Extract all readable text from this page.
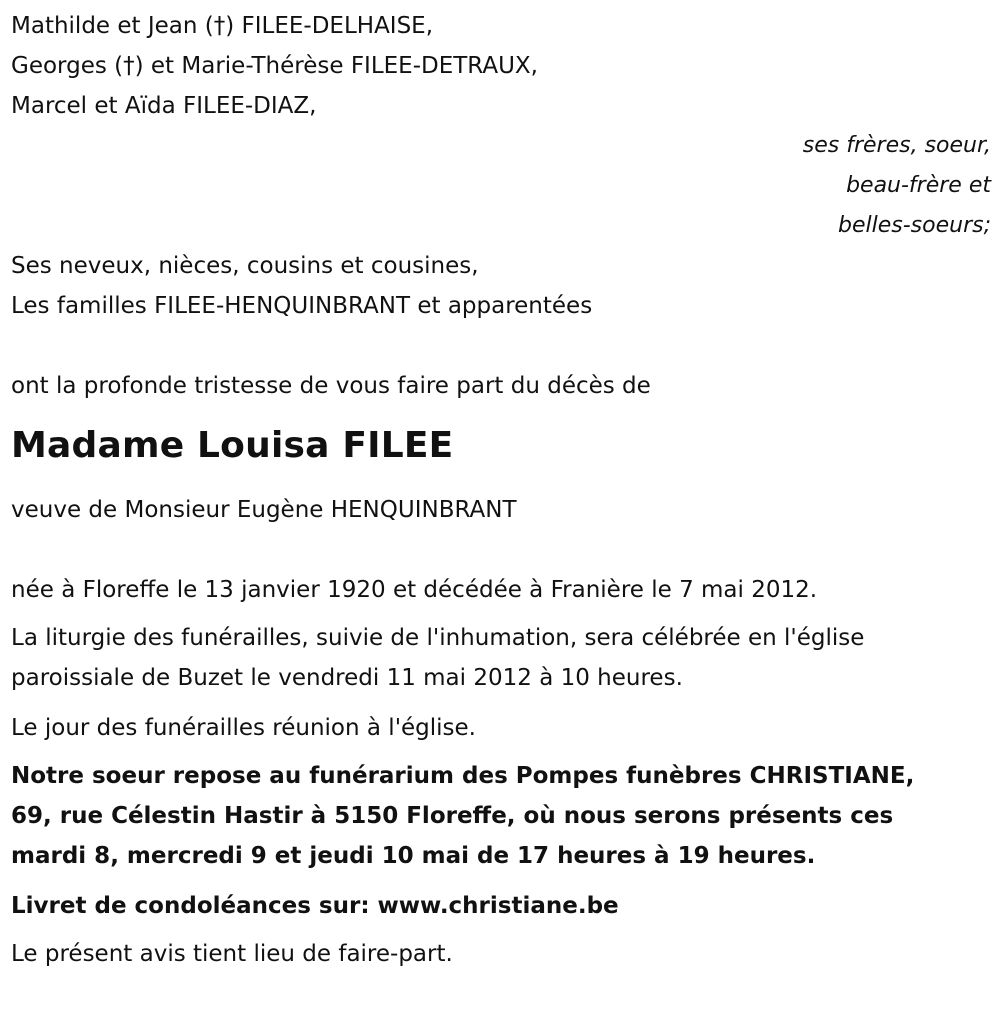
Mathilde et Jean (†) FILEE-DELHAISE,
Georges (†) et Marie-Thérèse FILEE-DETRAUX,
Marcel et Aïda FILEE-DIAZ,
ses frères, soeur,
beau-frère et
belles-soeurs;
Ses neveux, nièces, cousins et cousines,
Les familles FILEE-HENQUINBRANT et apparentées
ont la profonde tristesse de vous faire part du décès de
Madame Louisa FILEE
veuve de Monsieur Eugène HENQUINBRANT
née à Floreffe le 13 janvier 1920 et décédée à Franière le 7 mai 2012.
La liturgie des funérailles, suivie de l'inhumation, sera célébrée en l'église
paroissiale de Buzet le vendredi 11 mai 2012 à 10 heures.
Le jour des funérailles réunion à l'église.
Notre soeur repose au funérarium des Pompes funèbres CHRISTIANE,
69, rue Célestin Hastir à 5150 Floreffe, où nous serons présents ces
mardi 8, mercredi 9 et jeudi 10 mai de 17 heures à 19 heures.
Livret de condoléances sur: www.christiane.be
Le présent avis tient lieu de faire-part.
